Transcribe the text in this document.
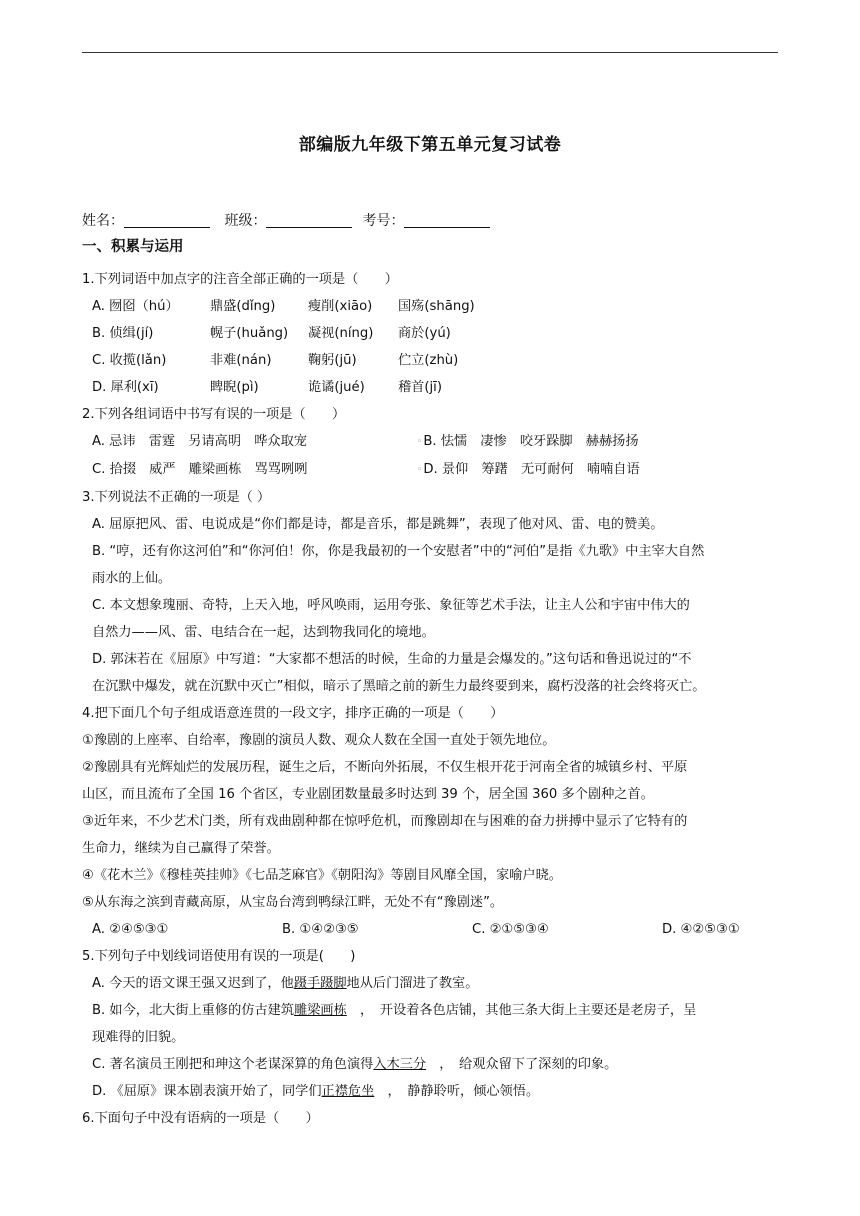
部编版九年级下第五单元复习试卷
姓名：	班级：	考号：
一、积累与运用

1.下列词语中加点字的注音全部正确的一项是（　　）

A. 囫囵（hú） 鼎盛(dǐng) 瘦削(xiāo) 国殇(shāng)
B. 侦缉(jí)	幌子(huǎng) 凝视(níng) 商於(yú)
C. 收揽(lǎn)	非难(nán)	鞠躬(jū)	伫立(zhù)
D. 犀利(xī)	睥睨(pì)	诡谲(jué)	稽首(jī)

2.下列各组词语中书写有误的一项是（　　）

A. 忌讳　雷霆　另请高明　哗众取宠	◦B. 怯懦　凄惨　咬牙跺脚　赫赫扬扬
C. 拾掇　威严　雕梁画栋　骂骂咧咧	◦D. 景仰　筹躇　无可耐何　喃喃自语

3.下列说法不正确的一项是（ ）

A. 屈原把风、雷、电说成是“你们都是诗，都是音乐，都是跳舞”，表现了他对风、雷、电的赞美。

B. “哼，还有你这河伯”和“你河伯！你，你是我最初的一个安慰者”中的“河伯”是指《九歌》中主宰大自然

雨水的上仙。

C. 本文想象瑰丽、奇特，上天入地，呼风唤雨，运用夸张、象征等艺术手法，让主人公和宇宙中伟大的

自然力——风、雷、电结合在一起，达到物我同化的境地。

D. 郭沫若在《屈原》中写道：“大家都不想活的时候，生命的力量是会爆发的。”这句话和鲁迅说过的“不

在沉默中爆发，就在沉默中灭亡”相似，暗示了黑暗之前的新生力最终要到来，腐朽没落的社会终将灭亡。

4.把下面几个句子组成语意连贯的一段文字，排序正确的一项是（　　）

①豫剧的上座率、自给率，豫剧的演员人数、观众人数在全国一直处于领先地位。

②豫剧具有光辉灿烂的发展历程，诞生之后，不断向外拓展，不仅生根开花于河南全省的城镇乡村、平原

山区，而且流布了全国 16 个省区，专业剧团数量最多时达到 39 个，居全国 360 多个剧种之首。

③近年来，不少艺术门类，所有戏曲剧种都在惊呼危机，而豫剧却在与困难的奋力拼搏中显示了它特有的

生命力，继续为自己赢得了荣誉。

④《花木兰》《穆桂英挂帅》《七品芝麻官》《朝阳沟》等剧目风靡全国，家喻户晓。

⑤从东海之滨到青藏高原，从宝岛台湾到鸭绿江畔，无处不有“豫剧迷”。

A. ②④⑤③①	B. ①④②③⑤	C. ②①⑤③④	D. ④②⑤③①

5.下列句子中划线词语使用有误的一项是(　　)

A. 今天的语文课王强又迟到了，他蹑手蹑脚地从后门溜进了教室。

B. 如今，北大街上重修的仿古建筑雕梁画栋　，　开设着各色店铺，其他三条大街上主要还是老房子，呈

现难得的旧貌。

C. 著名演员王刚把和珅这个老谋深算的角色演得入木三分　，　给观众留下了深刻的印象。

D. 《屈原》课本剧表演开始了，同学们正襟危坐　，　静静聆听，倾心领悟。

6.下面句子中没有语病的一项是（　　）
